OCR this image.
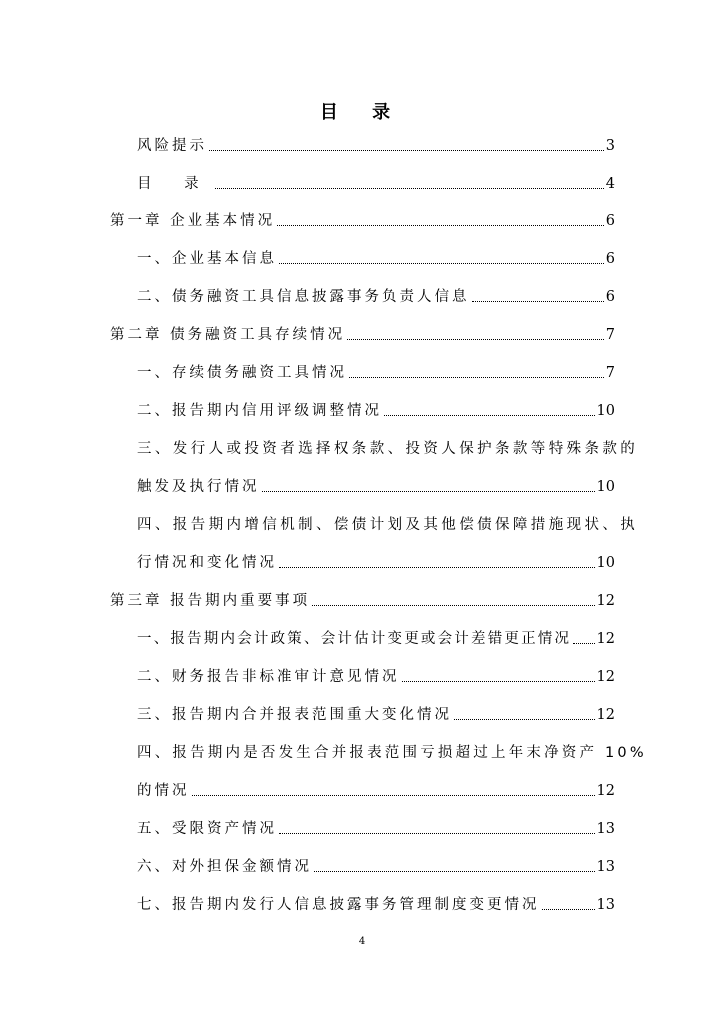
目 录
风险提示	3
目 录	4
第一章 企业基本情况	6
一、企业基本信息	6
二、债务融资工具信息披露事务负责人信息	6
第二章 债务融资工具存续情况	7
一、存续债务融资工具情况	7
二、报告期内信用评级调整情况	10
三、发行人或投资者选择权条款、投资人保护条款等特殊条款的
触发及执行情况	10
四、报告期内增信机制、偿债计划及其他偿债保障措施现状、执
行情况和变化情况	10
第三章 报告期内重要事项	12
一、报告期内会计政策、会计估计变更或会计差错更正情况 12
二、财务报告非标准审计意见情况	12
三、报告期内合并报表范围重大变化情况	12
四、报告期内是否发生合并报表范围亏损超过上年末净资产 10%
的情况	12
五、受限资产情况	13
六、对外担保金额情况	13
七、报告期内发行人信息披露事务管理制度变更情况	13
4
